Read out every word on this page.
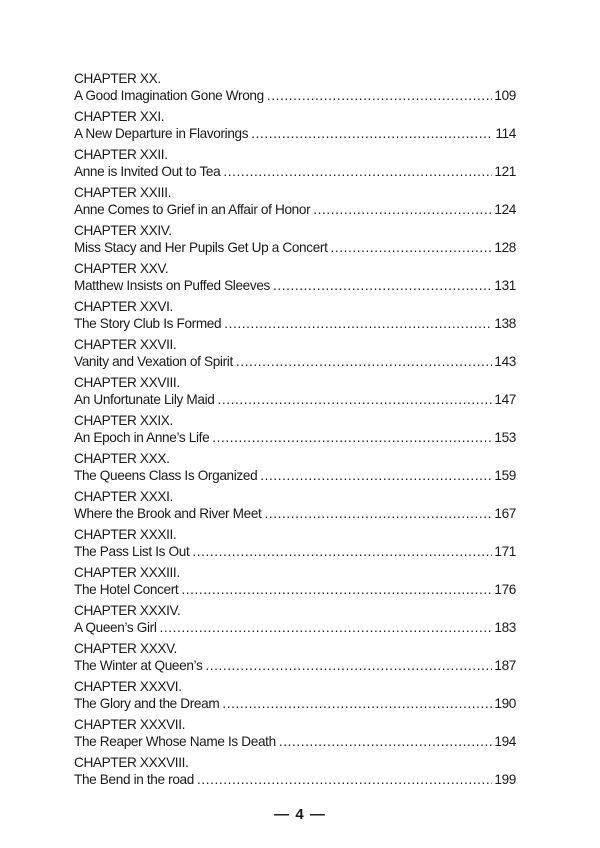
CHAPTER XX.
A Good Imagination Gone Wrong .....	109
CHAPTER XXI.
A New Departure in Flavorings .....	114
CHAPTER XXII.
Anne is Invited Out to Tea .....	121
CHAPTER XXIII.
Anne Comes to Grief in an Affair of Honor .....	124
CHAPTER XXIV.
Miss Stacy and Her Pupils Get Up a Concert .....	128
CHAPTER XXV.
Matthew Insists on Puffed Sleeves .....	131
CHAPTER XXVI.
The Story Club Is Formed .....	138
CHAPTER XXVII.
Vanity and Vexation of Spirit .....	143
CHAPTER XXVIII.
An Unfortunate Lily Maid .....	147
CHAPTER XXIX.
An Epoch in Anne’s Life .....	153
CHAPTER XXX.
The Queens Class Is Organized .....	159
CHAPTER XXXI.
Where the Brook and River Meet .....	167
CHAPTER XXXII.
The Pass List Is Out .....	171
CHAPTER XXXIII.
The Hotel Concert .....	176
CHAPTER XXXIV.
A Queen’s Girl .....	183
CHAPTER XXXV.
The Winter at Queen’s .....	187
CHAPTER XXXVI.
The Glory and the Dream .....	190
CHAPTER XXXVII.
The Reaper Whose Name Is Death .....	194
CHAPTER XXXVIII.
The Bend in the road .....	199
— 4 —
